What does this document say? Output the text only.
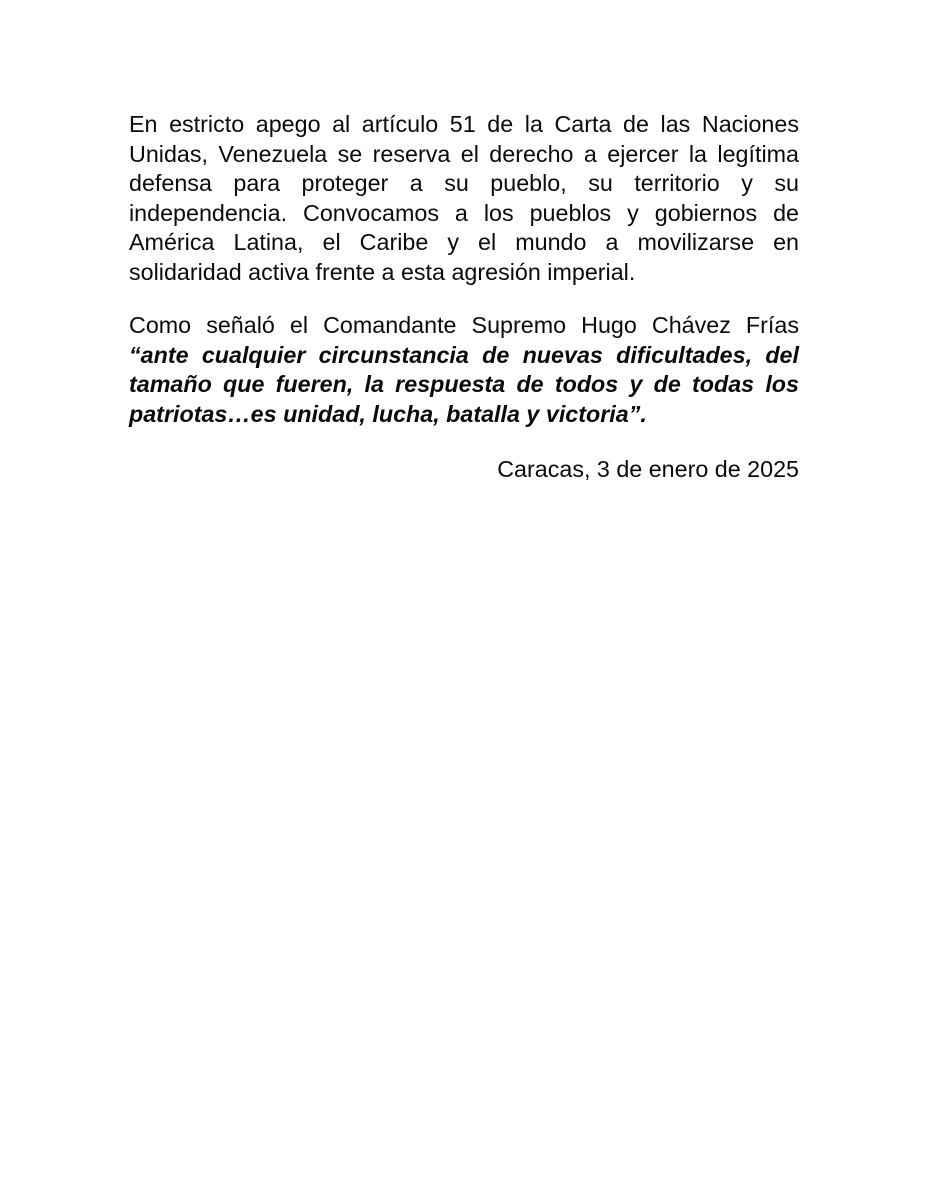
En estricto apego al artículo 51 de la Carta de las Naciones Unidas, Venezuela se reserva el derecho a ejercer la legítima defensa para proteger a su pueblo, su territorio y su independencia. Convocamos a los pueblos y gobiernos de América Latina, el Caribe y el mundo a movilizarse en solidaridad activa frente a esta agresión imperial.

Como señaló el Comandante Supremo Hugo Chávez Frías “ante cualquier circunstancia de nuevas dificultades, del tamaño que fueren, la respuesta de todos y de todas los patriotas…es unidad, lucha, batalla y victoria”.

Caracas, 3 de enero de 2025
